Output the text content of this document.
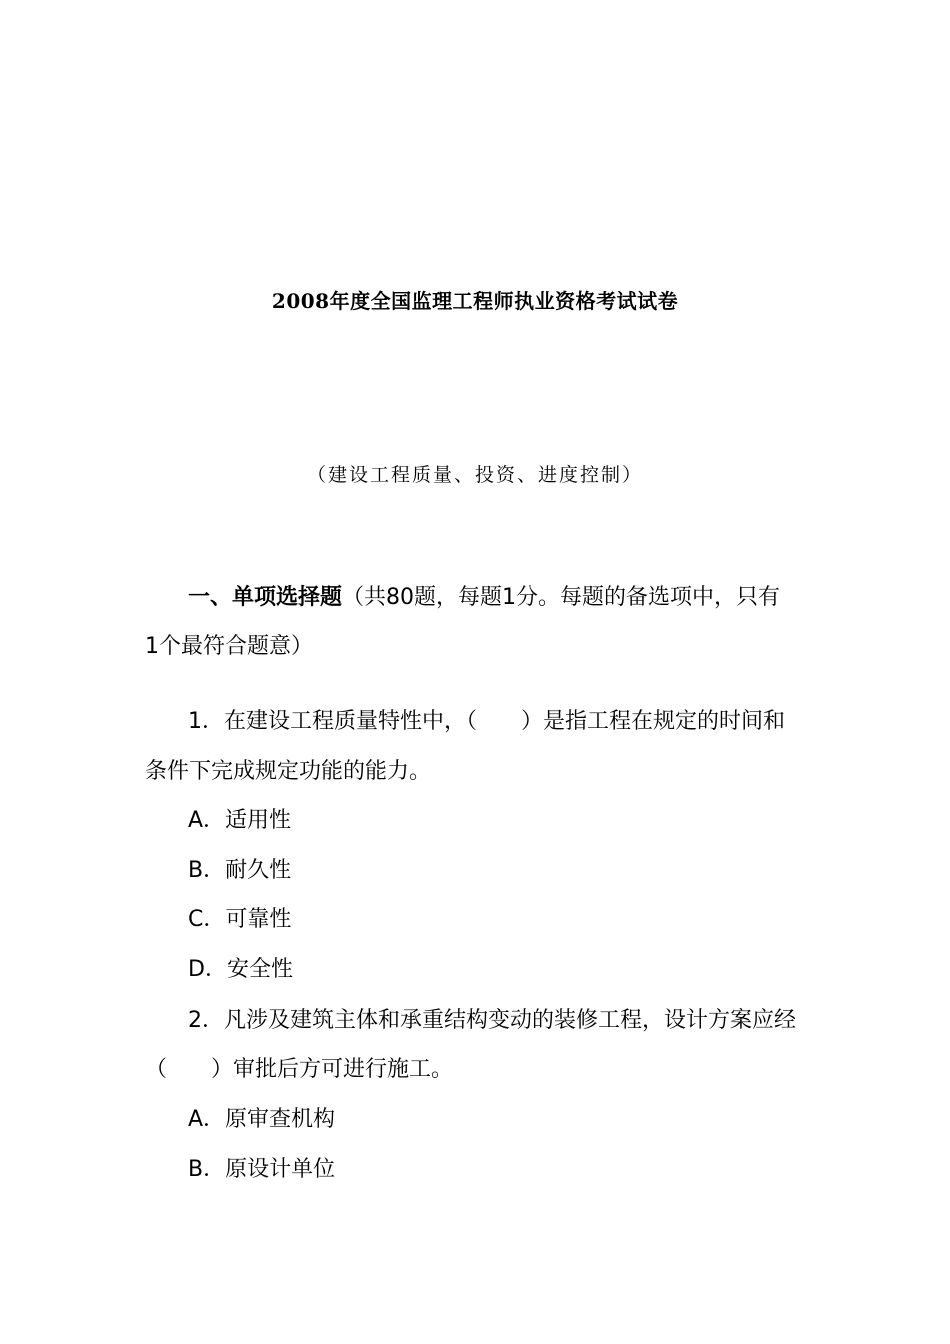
2008年度全国监理工程师执业资格考试试卷
（建设工程质量、投资、进度控制）
一、单项选择题（共80题，每题1分。每题的备选项中，只有
1个最符合题意）
1．在建设工程质量特性中，（　　）是指工程在规定的时间和
条件下完成规定功能的能力。
A．适用性
B．耐久性
C．可靠性
D．安全性
2．凡涉及建筑主体和承重结构变动的装修工程，设计方案应经
（　　）审批后方可进行施工。
A．原审查机构
B．原设计单位
